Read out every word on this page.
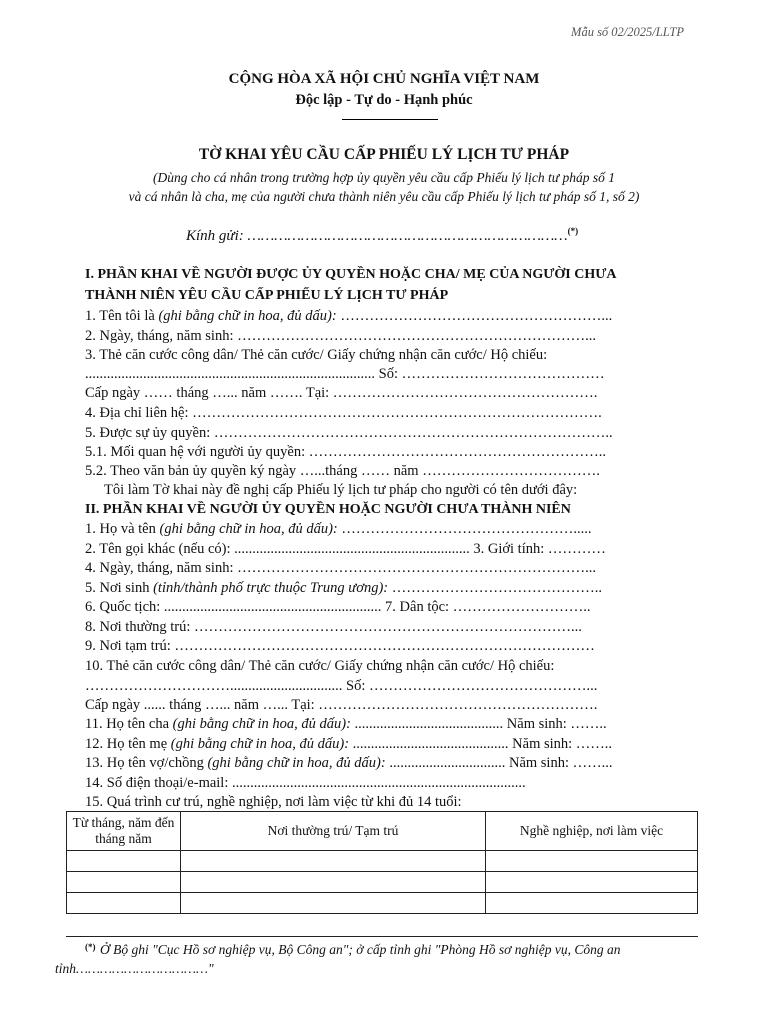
Mẫu số 02/2025/LLTP
CỘNG HÒA XÃ HỘI CHỦ NGHĨA VIỆT NAM
Độc lập - Tự do - Hạnh phúc
TỜ KHAI YÊU CẦU CẤP PHIẾU LÝ LỊCH TƯ PHÁP
(Dùng cho cá nhân trong trường hợp ủy quyền yêu cầu cấp Phiếu lý lịch tư pháp số 1
và cá nhân là cha, mẹ của người chưa thành niên yêu cầu cấp Phiếu lý lịch tư pháp số 1, số 2)
Kính gửi: ………………………………………………………………(*)
I. PHẦN KHAI VỀ NGƯỜI ĐƯỢC ỦY QUYỀN HOẶC CHA/ MẸ CỦA NGƯỜI CHƯA
THÀNH NIÊN YÊU CẦU CẤP PHIẾU LÝ LỊCH TƯ PHÁP
1. Tên tôi là (ghi bằng chữ in hoa, đủ dấu): ………………………………………………...
2. Ngày, tháng, năm sinh: ………………………………………………………………...
3. Thẻ căn cước công dân/ Thẻ căn cước/ Giấy chứng nhận căn cước/ Hộ chiếu:
................................................................................ Số: ……………………………………
Cấp ngày …… tháng …... năm ……. Tại: ……………………………………………….
4. Địa chỉ liên hệ: ………………………………………………………………………….
5. Được sự ủy quyền: ………………………………………………………………………..
5.1. Mối quan hệ với người ủy quyền: ……………………………………………………..
5.2. Theo văn bản ủy quyền ký ngày …...tháng …… năm ……………………………….
Tôi làm Tờ khai này đề nghị cấp Phiếu lý lịch tư pháp cho người có tên dưới đây:
II. PHẦN KHAI VỀ NGƯỜI ỦY QUYỀN HOẶC NGƯỜI CHƯA THÀNH NIÊN
1. Họ và tên (ghi bằng chữ in hoa, đủ dấu): ………………………………………….....
2. Tên gọi khác (nếu có): ................................................................. 3. Giới tính: …………
4. Ngày, tháng, năm sinh: ………………………………………………………………...
5. Nơi sinh (tỉnh/thành phố trực thuộc Trung ương): ……………………………………..
6. Quốc tịch: ............................................................ 7. Dân tộc: ………………………..
8. Nơi thường trú: ……………………………………………………………………...
9. Nơi tạm trú: ……………………………………………………………………………
10. Thẻ căn cước công dân/ Thẻ căn cước/ Giấy chứng nhận căn cước/ Hộ chiếu:
…………………………............................... Số: ………………………………………...
Cấp ngày ...... tháng …... năm …... Tại: ………………………………………………….
11. Họ tên cha (ghi bằng chữ in hoa, đủ dấu): ......................................... Năm sinh: ……..
12. Họ tên mẹ (ghi bằng chữ in hoa, đủ dấu): ........................................... Năm sinh: ……..
13. Họ tên vợ/chồng (ghi bằng chữ in hoa, đủ dấu): ................................ Năm sinh: ……...
14. Số điện thoại/e-mail: .................................................................................
15. Quá trình cư trú, nghề nghiệp, nơi làm việc từ khi đủ 14 tuổi:
Từ tháng, năm đến tháng năm	Nơi thường trú/ Tạm trú	Nghề nghiệp, nơi làm việc

(*) Ở Bộ ghi "Cục Hồ sơ nghiệp vụ, Bộ Công an"; ở cấp tỉnh ghi "Phòng Hồ sơ nghiệp vụ, Công an
tỉnh……………………………"
